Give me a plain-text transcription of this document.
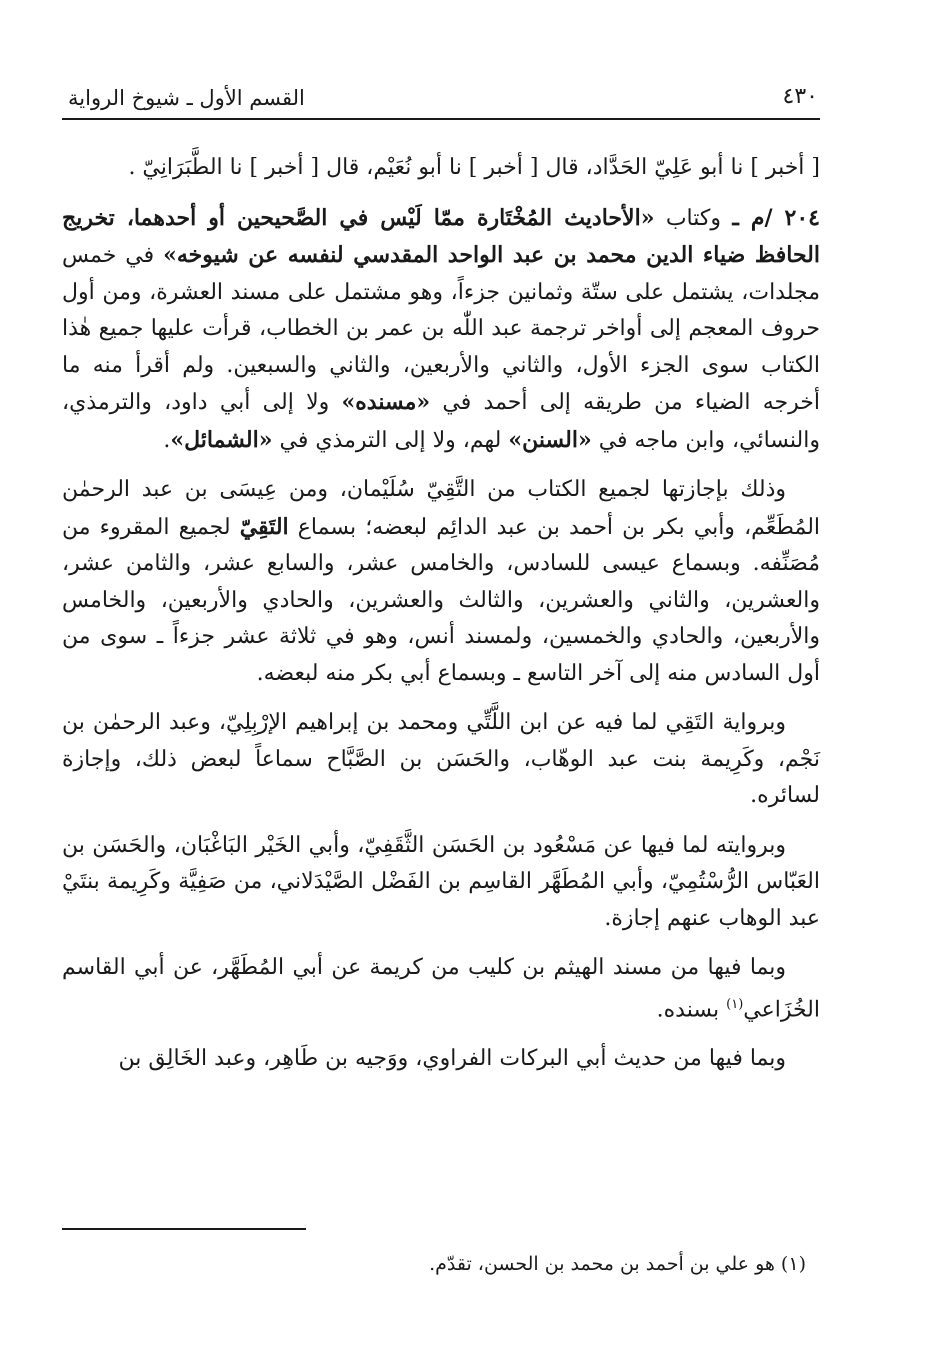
٤٣٠
القسم الأول ـ شيوخ الرواية

[ أخبر ] نا أبو عَلِيّ الحَدَّاد، قال [ أخبر ] نا أبو نُعَيْم، قال [ أخبر ] نا الطَّبَرَانِيّ .

٢٠٤ /م ـ وكتاب «الأحاديث المُخْتَارة ممّا لَيْس في الصَّحيحين أو أحدهما، تخريج الحافظ ضياء الدين محمد بن عبد الواحد المقدسي لنفسه عن شيوخه» في خمس مجلدات، يشتمل على ستّة وثمانين جزءاً، وهو مشتمل على مسند العشرة، ومن أول حروف المعجم إلى أواخر ترجمة عبد اللّٰه بن عمر بن الخطاب، قرأت عليها جميع هٰذا الكتاب سوى الجزء الأول، والثاني والأربعين، والثاني والسبعين. ولم أقرأ منه ما أخرجه الضياء من طريقه إلى أحمد في «مسنده» ولا إلى أبي داود، والترمذي، والنسائي، وابن ماجه في «السنن» لهم، ولا إلى الترمذي في «الشمائل».

وذلك بإجازتها لجميع الكتاب من التَّقِيّ سُلَيْمان، ومن عِيسَى بن عبد الرحمٰن المُطَعِّم، وأبي بكر بن أحمد بن عبد الدائِم لبعضه؛ بسماع التَقِيّ لجميع المقروء من مُصَنِّفه. وبسماع عيسى للسادس، والخامس عشر، والسابع عشر، والثامن عشر، والعشرين، والثاني والعشرين، والثالث والعشرين، والحادي والأربعين، والخامس والأربعين، والحادي والخمسين، ولمسند أنس، وهو في ثلاثة عشر جزءاً ـ سوى من أول السادس منه إلى آخر التاسع ـ وبسماع أبي بكر منه لبعضه.

وبرواية التَقِي لما فيه عن ابن اللَّتِّي ومحمد بن إبراهيم الإرْبِلِيّ، وعبد الرحمٰن بن نَجْم، وكَرِيمة بنت عبد الوهّاب، والحَسَن بن الصَّبَّاح سماعاً لبعض ذلك، وإجازة لسائره.

وبروايته لما فيها عن مَسْعُود بن الحَسَن الثَّقَفِيّ، وأبي الخَيْر البَاغْبَان، والحَسَن بن العَبّاس الرُّسْتُمِيّ، وأبي المُطَهَّر القاسِم بن الفَضْل الصَّيْدَلاني، من صَفِيَّة وكَرِيمة بنتَيْ عبد الوهاب عنهم إجازة.

وبما فيها من مسند الهيثم بن كليب من كريمة عن أبي المُطَهَّر، عن أبي القاسم الخُزَاعي$^{(١)}$ بسنده.

وبما فيها من حديث أبي البركات الفراوي، ووَجيه بن طَاهِر، وعبد الخَالِق بن

(١) هو علي بن أحمد بن محمد بن الحسن، تقدّم.
